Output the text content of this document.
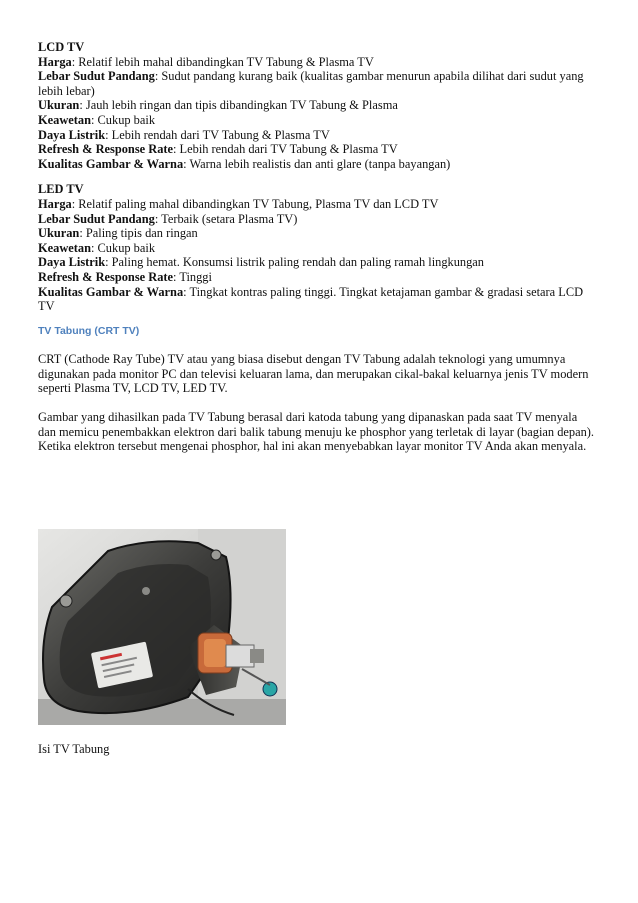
LCD TV
Harga: Relatif lebih mahal dibandingkan TV Tabung & Plasma TV
Lebar Sudut Pandang: Sudut pandang kurang baik (kualitas gambar menurun apabila dilihat dari sudut yang lebih lebar)
Ukuran: Jauh lebih ringan dan tipis dibandingkan TV Tabung & Plasma
Keawetan: Cukup baik
Daya Listrik: Lebih rendah dari TV Tabung & Plasma TV
Refresh & Response Rate: Lebih rendah dari TV Tabung & Plasma TV
Kualitas Gambar & Warna: Warna lebih realistis dan anti glare (tanpa bayangan)
LED TV
Harga: Relatif paling mahal dibandingkan TV Tabung, Plasma TV dan LCD TV
Lebar Sudut Pandang: Terbaik (setara Plasma TV)
Ukuran: Paling tipis dan ringan
Keawetan: Cukup baik
Daya Listrik: Paling hemat. Konsumsi listrik paling rendah dan paling ramah lingkungan
Refresh & Response Rate: Tinggi
Kualitas Gambar & Warna: Tingkat kontras paling tinggi. Tingkat ketajaman gambar & gradasi setara LCD TV
TV Tabung (CRT TV)

CRT (Cathode Ray Tube) TV atau yang biasa disebut dengan TV Tabung adalah teknologi yang umumnya digunakan pada monitor PC dan televisi keluaran lama, dan merupakan cikal-bakal keluarnya jenis TV modern seperti Plasma TV, LCD TV, LED TV.

Gambar yang dihasilkan pada TV Tabung berasal dari katoda tabung yang dipanaskan pada saat TV menyala dan memicu penembakkan elektron dari balik tabung menuju ke phosphor yang terletak di layar (bagian depan). Ketika elektron tersebut mengenai phosphor, hal ini akan menyebabkan layar monitor TV Anda akan menyala.

Isi TV Tabung
